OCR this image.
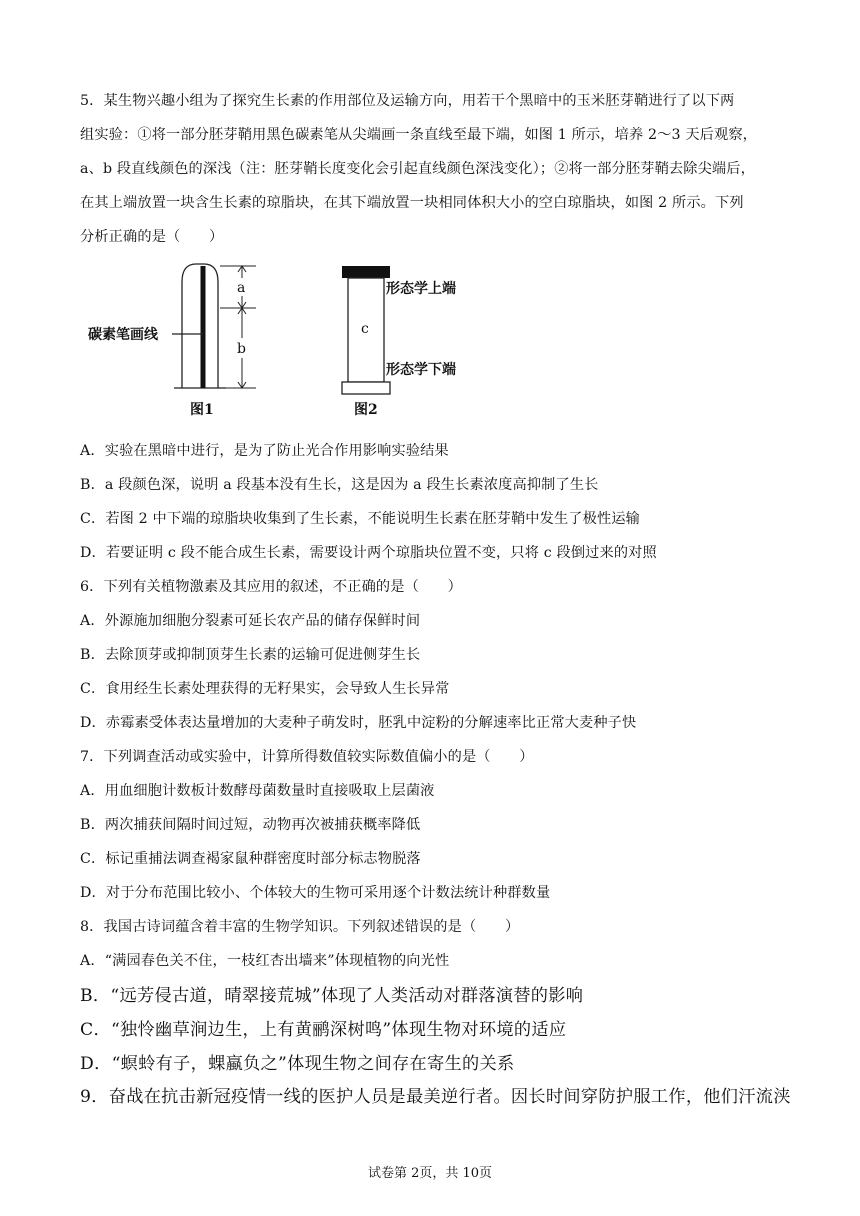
5．某生物兴趣小组为了探究生长素的作用部位及运输方向，用若干个黑暗中的玉米胚芽鞘进行了以下两
组实验：①将一部分胚芽鞘用黑色碳素笔从尖端画一条直线至最下端，如图 1 所示，培养 2～3 天后观察，
a、b 段直线颜色的深浅（注：胚芽鞘长度变化会引起直线颜色深浅变化）；②将一部分胚芽鞘去除尖端后，
在其上端放置一块含生长素的琼脂块，在其下端放置一块相同体积大小的空白琼脂块，如图 2 所示。下列
分析正确的是（　　）
碳素笔画线
a
b
图1
c
形态学上端
形态学下端
图2
A．实验在黑暗中进行，是为了防止光合作用影响实验结果
B．a 段颜色深，说明 a 段基本没有生长，这是因为 a 段生长素浓度高抑制了生长
C．若图 2 中下端的琼脂块收集到了生长素，不能说明生长素在胚芽鞘中发生了极性运输
D．若要证明 c 段不能合成生长素，需要设计两个琼脂块位置不变，只将 c 段倒过来的对照
6．下列有关植物激素及其应用的叙述，不正确的是（　　）
A．外源施加细胞分裂素可延长农产品的储存保鲜时间
B．去除顶芽或抑制顶芽生长素的运输可促进侧芽生长
C．食用经生长素处理获得的无籽果实，会导致人生长异常
D．赤霉素受体表达量增加的大麦种子萌发时，胚乳中淀粉的分解速率比正常大麦种子快
7．下列调查活动或实验中，计算所得数值较实际数值偏小的是（　　）
A．用血细胞计数板计数酵母菌数量时直接吸取上层菌液
B．两次捕获间隔时间过短，动物再次被捕获概率降低
C．标记重捕法调查褐家鼠种群密度时部分标志物脱落
D．对于分布范围比较小、个体较大的生物可采用逐个计数法统计种群数量
8．我国古诗词蕴含着丰富的生物学知识。下列叙述错误的是（　　）
A．“满园春色关不住，一枝红杏出墙来”体现植物的向光性
B．“远芳侵古道，晴翠接荒城”体现了人类活动对群落演替的影响
C．“独怜幽草涧边生，上有黄鹂深树鸣”体现生物对环境的适应
D．“螟蛉有子，蜾蠃负之”体现生物之间存在寄生的关系
9．奋战在抗击新冠疫情一线的医护人员是最美逆行者。因长时间穿防护服工作，他们汗流浃
试卷第 2页，共 10页
